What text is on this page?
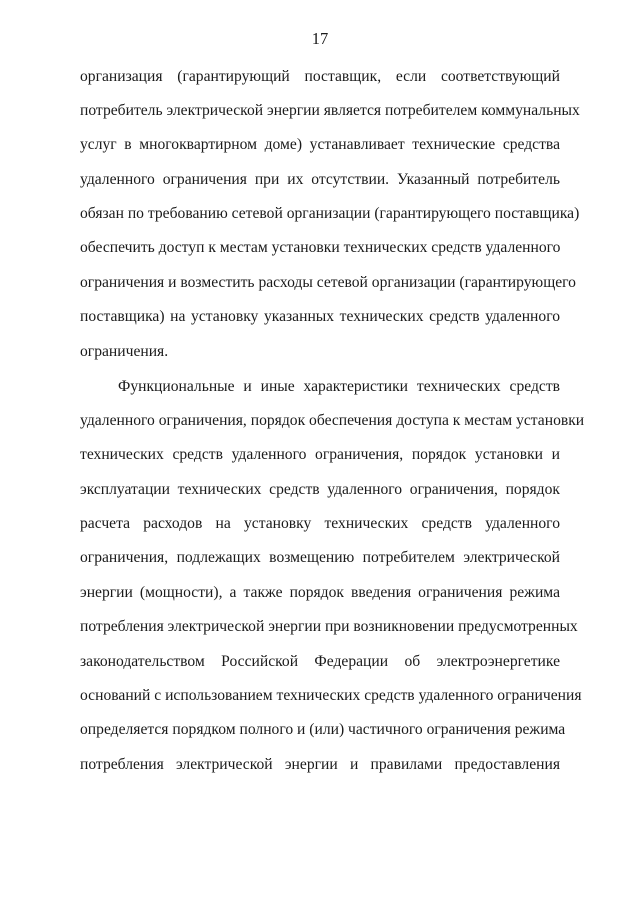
17
организация (гарантирующий поставщик, если соответствующий
потребитель электрической энергии является потребителем коммунальных
услуг в многоквартирном доме) устанавливает технические средства
удаленного ограничения при их отсутствии. Указанный потребитель
обязан по требованию сетевой организации (гарантирующего поставщика)
обеспечить доступ к местам установки технических средств удаленного
ограничения и возместить расходы сетевой организации (гарантирующего
поставщика) на установку указанных технических средств удаленного
ограничения.
Функциональные и иные характеристики технических средств
удаленного ограничения, порядок обеспечения доступа к местам установки
технических средств удаленного ограничения, порядок установки и
эксплуатации технических средств удаленного ограничения, порядок
расчета расходов на установку технических средств удаленного
ограничения, подлежащих возмещению потребителем электрической
энергии (мощности), а также порядок введения ограничения режима
потребления электрической энергии при возникновении предусмотренных
законодательством Российской Федерации об электроэнергетике
оснований с использованием технических средств удаленного ограничения
определяется порядком полного и (или) частичного ограничения режима
потребления электрической энергии и правилами предоставления
